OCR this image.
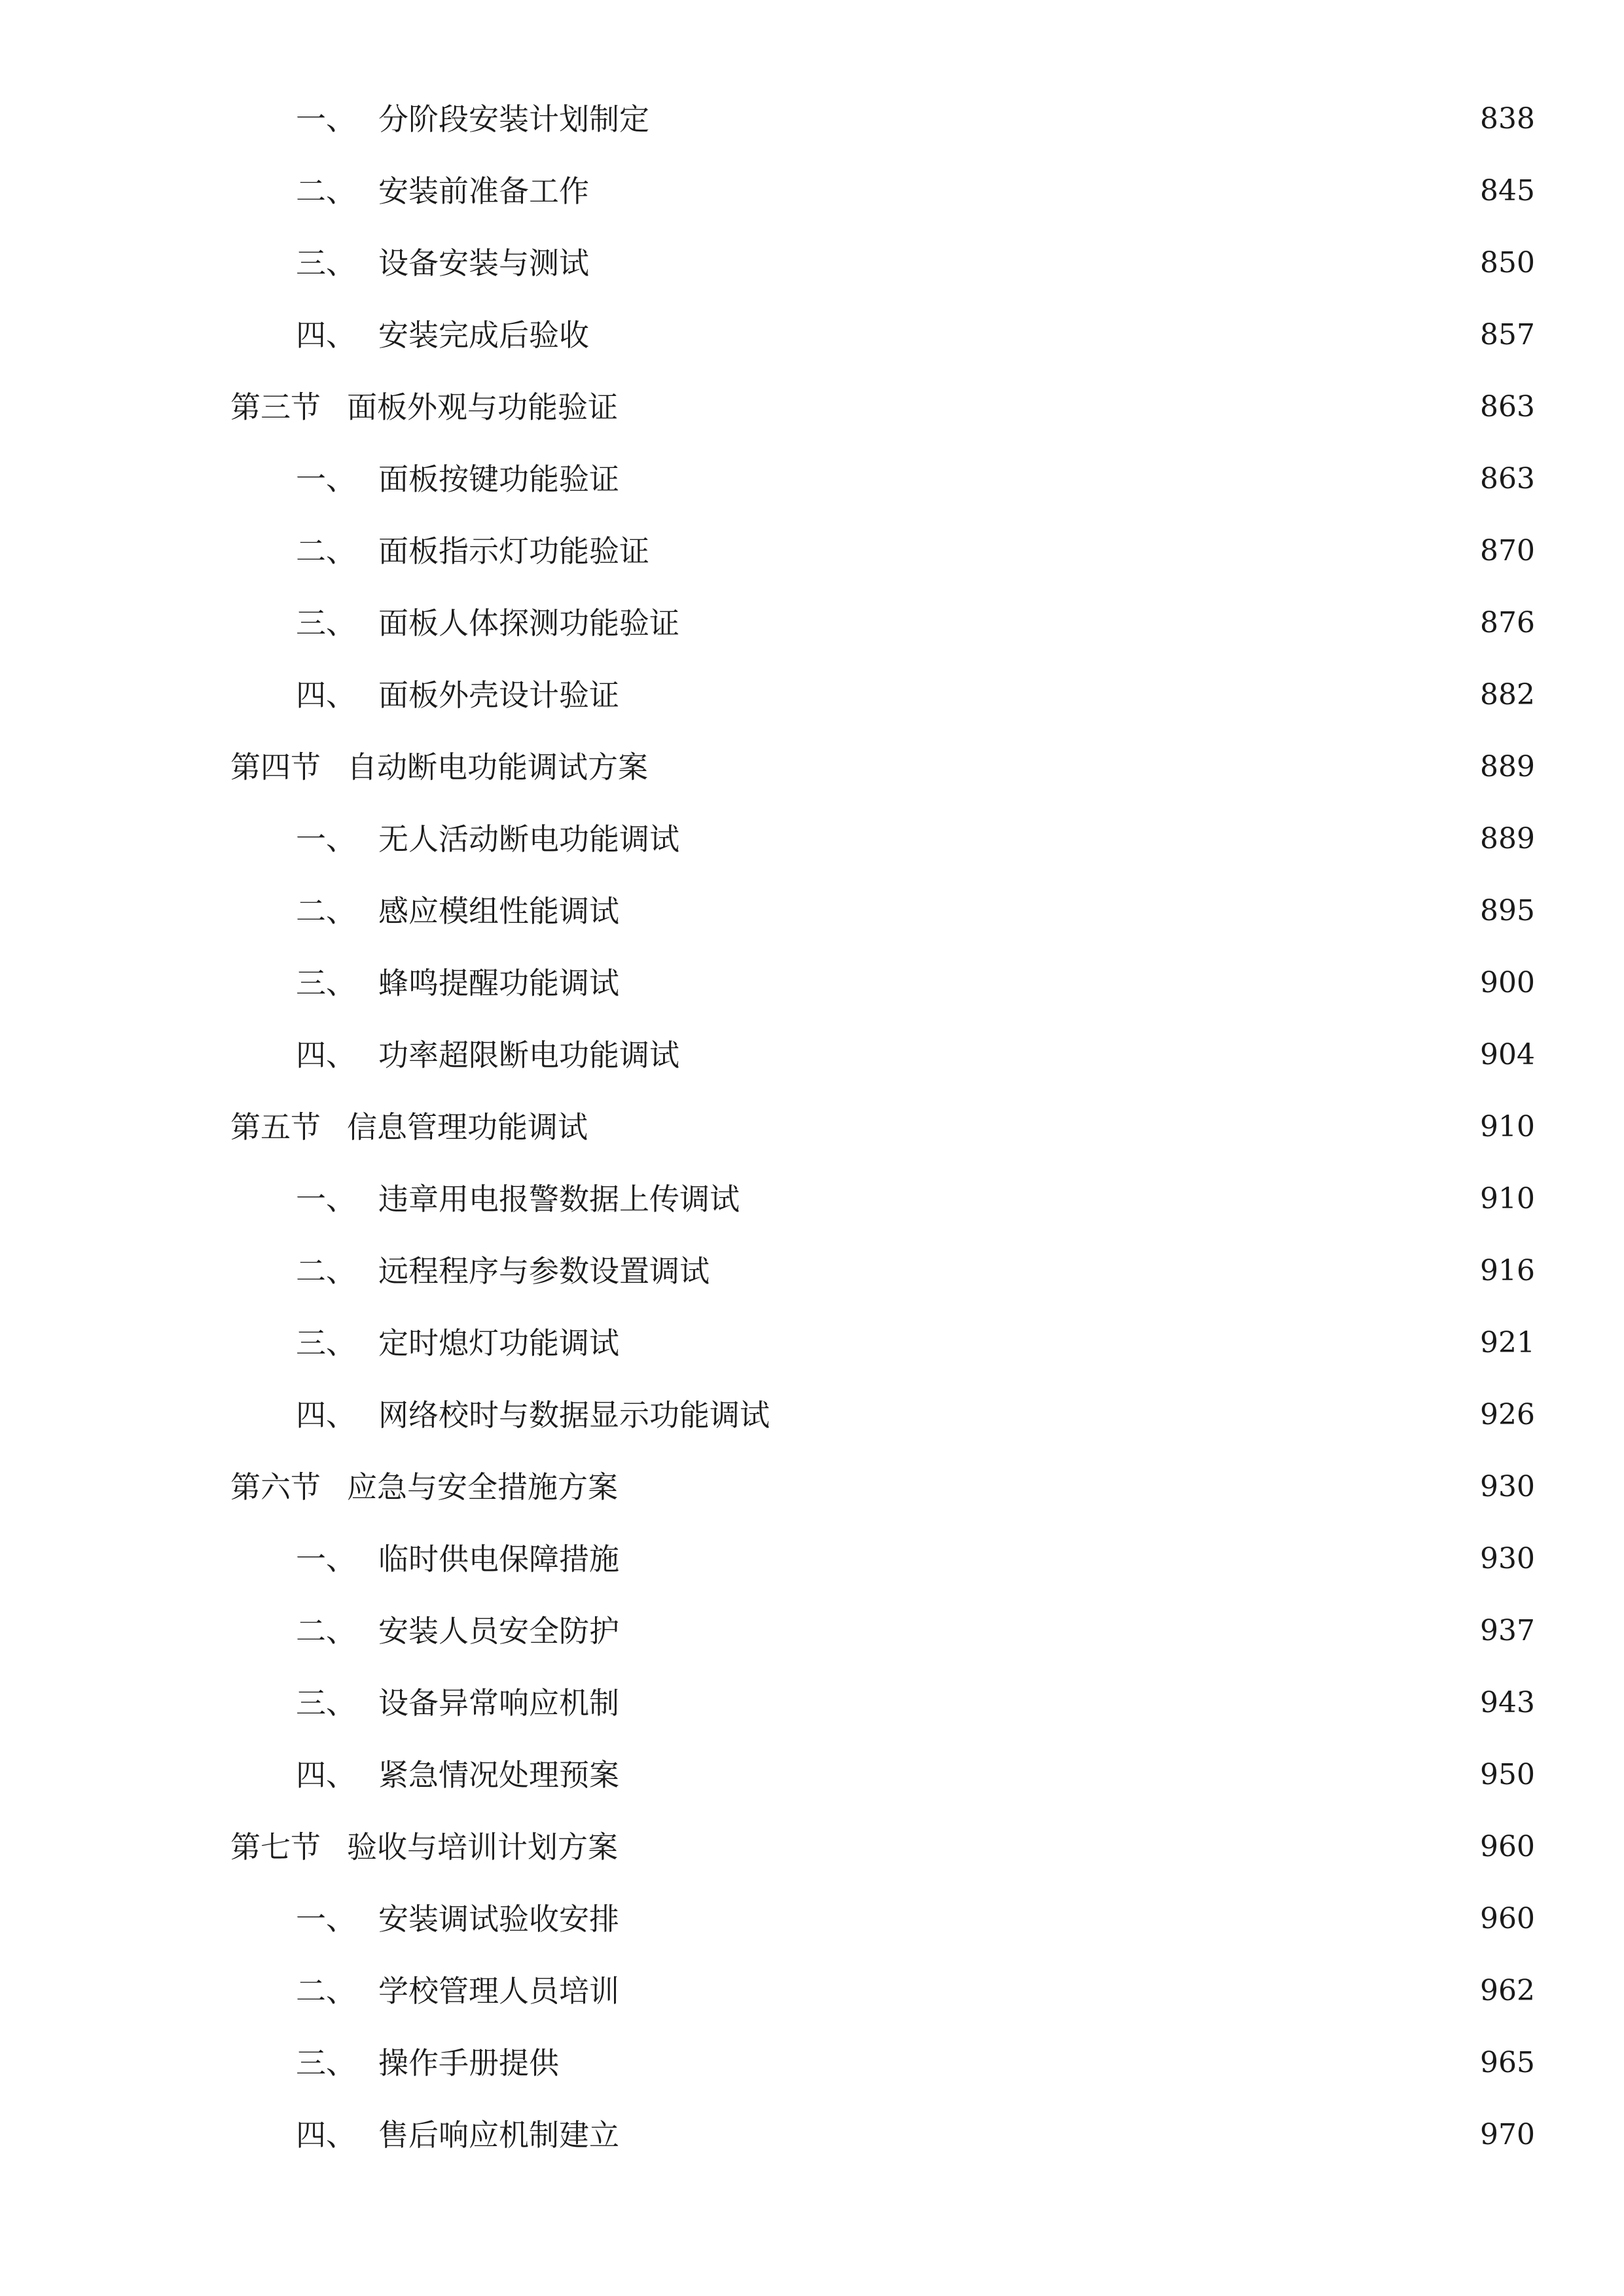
一、 分阶段安装计划制定	838
二、 安装前准备工作	845
三、 设备安装与测试	850
四、 安装完成后验收	857
第三节 面板外观与功能验证	863
一、 面板按键功能验证	863
二、 面板指示灯功能验证	870
三、 面板人体探测功能验证	876
四、 面板外壳设计验证	882
第四节 自动断电功能调试方案	889
一、 无人活动断电功能调试	889
二、 感应模组性能调试	895
三、 蜂鸣提醒功能调试	900
四、 功率超限断电功能调试	904
第五节 信息管理功能调试	910
一、 违章用电报警数据上传调试	910
二、 远程程序与参数设置调试	916
三、 定时熄灯功能调试	921
四、 网络校时与数据显示功能调试	926
第六节 应急与安全措施方案	930
一、 临时供电保障措施	930
二、 安装人员安全防护	937
三、 设备异常响应机制	943
四、 紧急情况处理预案	950
第七节 验收与培训计划方案	960
一、 安装调试验收安排	960
二、 学校管理人员培训	962
三、 操作手册提供	965
四、 售后响应机制建立	970
